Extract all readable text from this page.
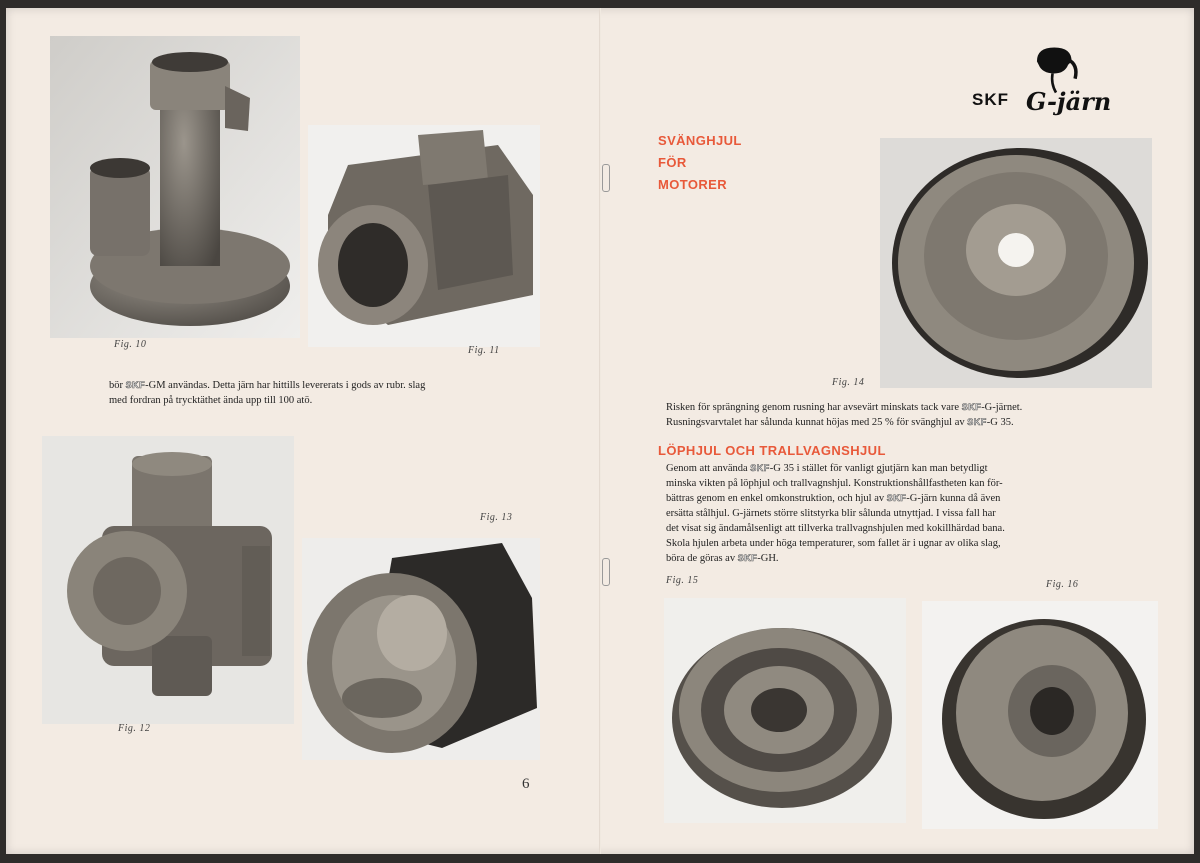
Fig. 10
Fig. 11
bör SKF-GM användas. Detta järn har hittills levererats i gods av rubr. slag
med fordran på trycktäthet ända upp till 100 atö.
Fig. 12
Fig. 13
6
SKF G-järn
SVÄNGHJUL
FÖR
MOTORER
Fig. 14
Risken för sprängning genom rusning har avsevärt minskats tack vare SKF-G-järnet.
Rusningsvarvtalet har sålunda kunnat höjas med 25 % för svänghjul av SKF-G 35.
LÖPHJUL OCH TRALLVAGNSHJUL
Genom att använda SKF-G 35 i stället för vanligt gjutjärn kan man betydligt
minska vikten på löphjul och trallvagnshjul. Konstruktionshållfastheten kan för-
bättras genom en enkel omkonstruktion, och hjul av SKF-G-järn kunna då även
ersätta stålhjul. G-järnets större slitstyrka blir sålunda utnyttjad. I vissa fall har
det visat sig ändamålsenligt att tillverka trallvagnshjulen med kokillhärdad bana.
Skola hjulen arbeta under höga temperaturer, som fallet är i ugnar av olika slag,
böra de göras av SKF-GH.
Fig. 15	Fig. 16
